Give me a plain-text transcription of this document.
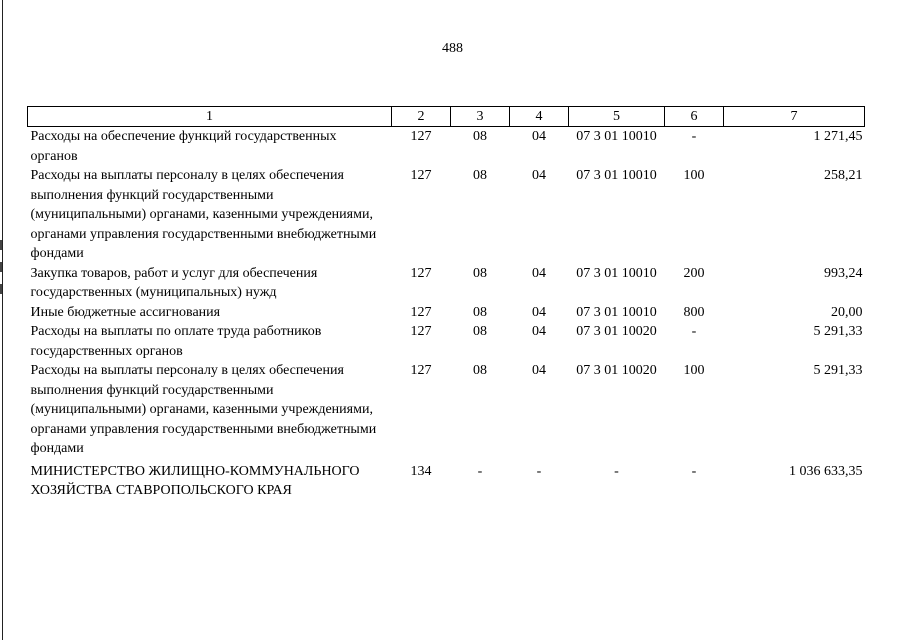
488
1	2	3	4	5	6	7
Расходы на обеспечение функций государственных органов	127	08	04	07 3 01 10010	-	1 271,45
Расходы на выплаты персоналу в целях обеспечения выполнения функций государственными (муниципальными) органами, казенными учреждениями, органами управления государственными внебюджетными фондами	127	08	04	07 3 01 10010	100	258,21
Закупка товаров, работ и услуг для обеспечения государственных (муниципальных) нужд	127	08	04	07 3 01 10010	200	993,24
Иные бюджетные ассигнования	127	08	04	07 3 01 10010	800	20,00
Расходы на выплаты по оплате труда работников государственных органов	127	08	04	07 3 01 10020	-	5 291,33
Расходы на выплаты персоналу в целях обеспечения выполнения функций государственными (муниципальными) органами, казенными учреждениями, органами управления государственными внебюджетными фондами	127	08	04	07 3 01 10020	100	5 291,33
МИНИСТЕРСТВО ЖИЛИЩНО-КОММУНАЛЬНОГО ХОЗЯЙСТВА СТАВРОПОЛЬСКОГО КРАЯ	134	-	-	-	-	1 036 633,35
